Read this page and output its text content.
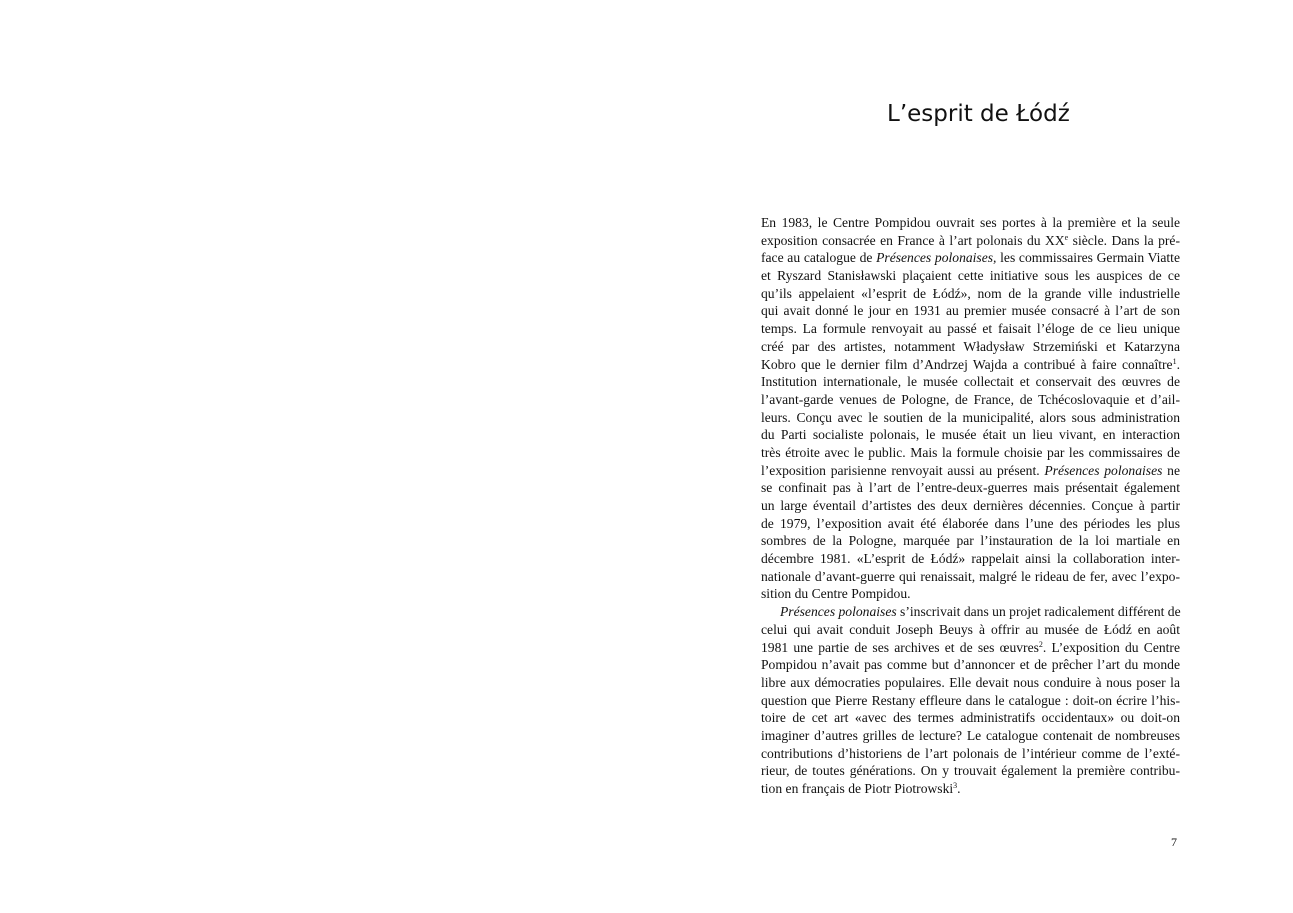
L’esprit de Łódź

En 1983, le Centre Pompidou ouvrait ses portes à la première et la seule
exposition consacrée en France à l’art polonais du XXe siècle. Dans la pré-
face au catalogue de Présences polonaises, les commissaires Germain Viatte
et Ryszard Stanisławski plaçaient cette initiative sous les auspices de ce
qu’ils appelaient «l’esprit de Łódź», nom de la grande ville industrielle
qui avait donné le jour en 1931 au premier musée consacré à l’art de son
temps. La formule renvoyait au passé et faisait l’éloge de ce lieu unique
créé par des artistes, notamment Władysław Strzemiński et Katarzyna
Kobro que le dernier film d’Andrzej Wajda a contribué à faire connaître$^1$.
Institution internationale, le musée collectait et conservait des œuvres de
l’avant-garde venues de Pologne, de France, de Tchécoslovaquie et d’ail-
leurs. Conçu avec le soutien de la municipalité, alors sous administration
du Parti socialiste polonais, le musée était un lieu vivant, en interaction
très étroite avec le public. Mais la formule choisie par les commissaires de
l’exposition parisienne renvoyait aussi au présent. Présences polonaises ne
se confinait pas à l’art de l’entre-deux-guerres mais présentait également
un large éventail d’artistes des deux dernières décennies. Conçue à partir
de 1979, l’exposition avait été élaborée dans l’une des périodes les plus
sombres de la Pologne, marquée par l’instauration de la loi martiale en
décembre 1981. «L’esprit de Łódź» rappelait ainsi la collaboration inter-
nationale d’avant-guerre qui renaissait, malgré le rideau de fer, avec l’expo-
sition du Centre Pompidou.

Présences polonaises s’inscrivait dans un projet radicalement différent de
celui qui avait conduit Joseph Beuys à offrir au musée de Łódź en août
1981 une partie de ses archives et de ses œuvres$^2$. L’exposition du Centre
Pompidou n’avait pas comme but d’annoncer et de prêcher l’art du monde
libre aux démocraties populaires. Elle devait nous conduire à nous poser la
question que Pierre Restany effleure dans le catalogue : doit-on écrire l’his-
toire de cet art «avec des termes administratifs occidentaux» ou doit-on
imaginer d’autres grilles de lecture? Le catalogue contenait de nombreuses
contributions d’historiens de l’art polonais de l’intérieur comme de l’exté-
rieur, de toutes générations. On y trouvait également la première contribu-
tion en français de Piotr Piotrowski$^3$.

7
